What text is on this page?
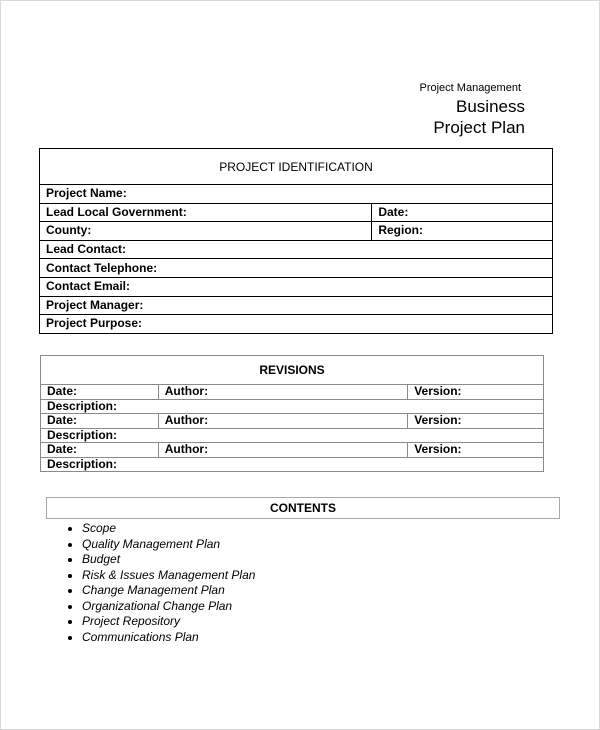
Project Management
Business
Project Plan
PROJECT IDENTIFICATION	
Project Name:	
Lead Local Government:	Date:
County:	Region:
Lead Contact:	
Contact Telephone:	
Contact Email:	
Project Manager:	
Project Purpose:	
REVISIONS		
Date:	Author:	Version:
Description:		
Date:	Author:	Version:
Description:		
Date:	Author:	Version:
Description:		
CONTENTS
• Scope
• Quality Management Plan
• Budget
• Risk & Issues Management Plan
• Change Management Plan
• Organizational Change Plan
• Project Repository
• Communications Plan
